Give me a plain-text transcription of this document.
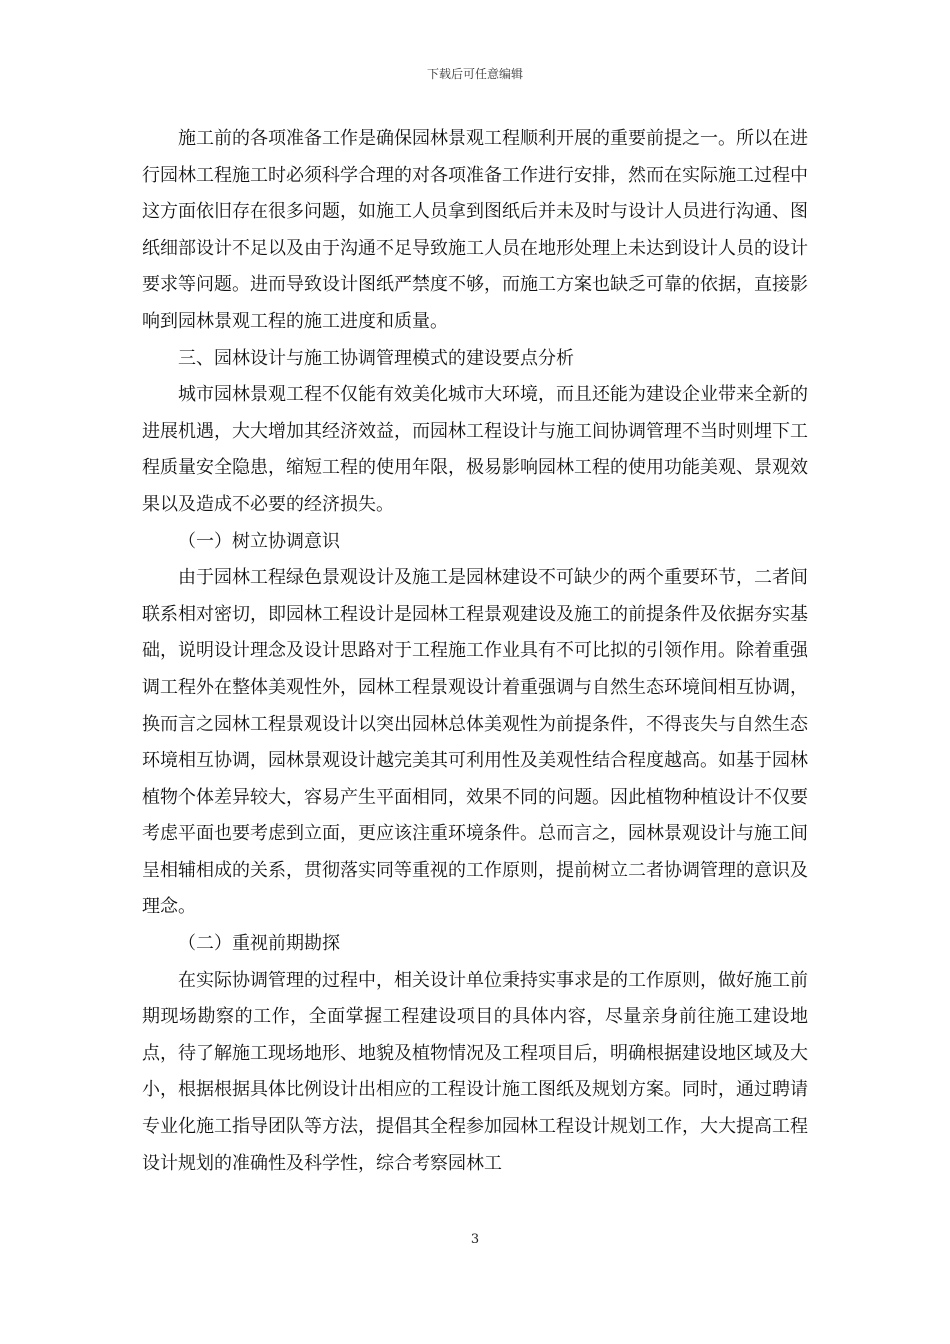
下载后可任意编辑

施工前的各项准备工作是确保园林景观工程顺利开展的重要前提之一。所以在进行园林工程施工时必须科学合理的对各项准备工作进行安排，然而在实际施工过程中这方面依旧存在很多问题，如施工人员拿到图纸后并未及时与设计人员进行沟通、图纸细部设计不足以及由于沟通不足导致施工人员在地形处理上未达到设计人员的设计要求等问题。进而导致设计图纸严禁度不够，而施工方案也缺乏可靠的依据，直接影响到园林景观工程的施工进度和质量。

三、园林设计与施工协调管理模式的建设要点分析

城市园林景观工程不仅能有效美化城市大环境，而且还能为建设企业带来全新的进展机遇，大大增加其经济效益，而园林工程设计与施工间协调管理不当时则埋下工程质量安全隐患，缩短工程的使用年限，极易影响园林工程的使用功能美观、景观效果以及造成不必要的经济损失。

（一）树立协调意识

由于园林工程绿色景观设计及施工是园林建设不可缺少的两个重要环节，二者间联系相对密切，即园林工程设计是园林工程景观建设及施工的前提条件及依据夯实基础，说明设计理念及设计思路对于工程施工作业具有不可比拟的引领作用。除着重强调工程外在整体美观性外，园林工程景观设计着重强调与自然生态环境间相互协调，换而言之园林工程景观设计以突出园林总体美观性为前提条件，不得丧失与自然生态环境相互协调，园林景观设计越完美其可利用性及美观性结合程度越高。如基于园林植物个体差异较大，容易产生平面相同，效果不同的问题。因此植物种植设计不仅要考虑平面也要考虑到立面，更应该注重环境条件。总而言之，园林景观设计与施工间呈相辅相成的关系，贯彻落实同等重视的工作原则，提前树立二者协调管理的意识及理念。

（二）重视前期勘探

在实际协调管理的过程中，相关设计单位秉持实事求是的工作原则，做好施工前期现场勘察的工作，全面掌握工程建设项目的具体内容，尽量亲身前往施工建设地点，待了解施工现场地形、地貌及植物情况及工程项目后，明确根据建设地区域及大小，根据根据具体比例设计出相应的工程设计施工图纸及规划方案。同时，通过聘请专业化施工指导团队等方法，提倡其全程参加园林工程设计规划工作，大大提高工程设计规划的准确性及科学性，综合考察园林工

3
